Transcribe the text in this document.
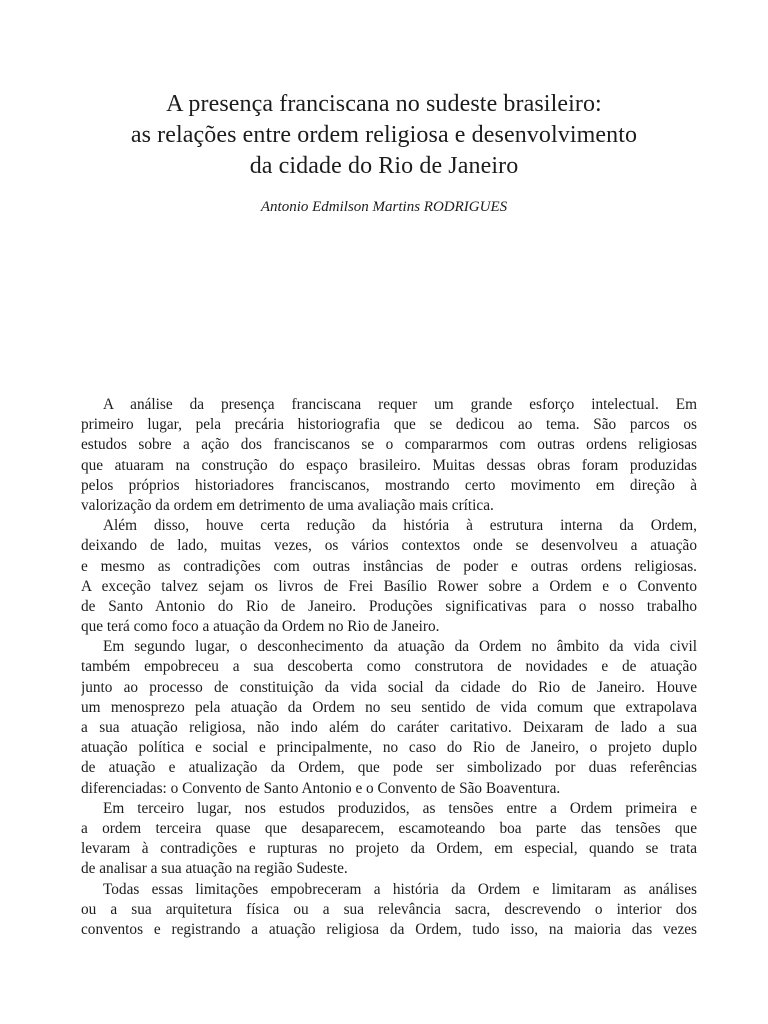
A presença franciscana no sudeste brasileiro:
as relações entre ordem religiosa e desenvolvimento
da cidade do Rio de Janeiro
Antonio Edmilson Martins RODRIGUES
A análise da presença franciscana requer um grande esforço intelectual. Em
primeiro lugar, pela precária historiografia que se dedicou ao tema. São parcos os
estudos sobre a ação dos franciscanos se o compararmos com outras ordens religiosas
que atuaram na construção do espaço brasileiro. Muitas dessas obras foram produzidas
pelos próprios historiadores franciscanos, mostrando certo movimento em direção à
valorização da ordem em detrimento de uma avaliação mais crítica.
Além disso, houve certa redução da história à estrutura interna da Ordem,
deixando de lado, muitas vezes, os vários contextos onde se desenvolveu a atuação
e mesmo as contradições com outras instâncias de poder e outras ordens religiosas.
A exceção talvez sejam os livros de Frei Basílio Rower sobre a Ordem e o Convento
de Santo Antonio do Rio de Janeiro. Produções significativas para o nosso trabalho
que terá como foco a atuação da Ordem no Rio de Janeiro.
Em segundo lugar, o desconhecimento da atuação da Ordem no âmbito da vida civil
também empobreceu a sua descoberta como construtora de novidades e de atuação
junto ao processo de constituição da vida social da cidade do Rio de Janeiro. Houve
um menosprezo pela atuação da Ordem no seu sentido de vida comum que extrapolava
a sua atuação religiosa, não indo além do caráter caritativo. Deixaram de lado a sua
atuação política e social e principalmente, no caso do Rio de Janeiro, o projeto duplo
de atuação e atualização da Ordem, que pode ser simbolizado por duas referências
diferenciadas: o Convento de Santo Antonio e o Convento de São Boaventura.
Em terceiro lugar, nos estudos produzidos, as tensões entre a Ordem primeira e
a ordem terceira quase que desaparecem, escamoteando boa parte das tensões que
levaram à contradições e rupturas no projeto da Ordem, em especial, quando se trata
de analisar a sua atuação na região Sudeste.
Todas essas limitações empobreceram a história da Ordem e limitaram as análises
ou a sua arquitetura física ou a sua relevância sacra, descrevendo o interior dos
conventos e registrando a atuação religiosa da Ordem, tudo isso, na maioria das vezes
